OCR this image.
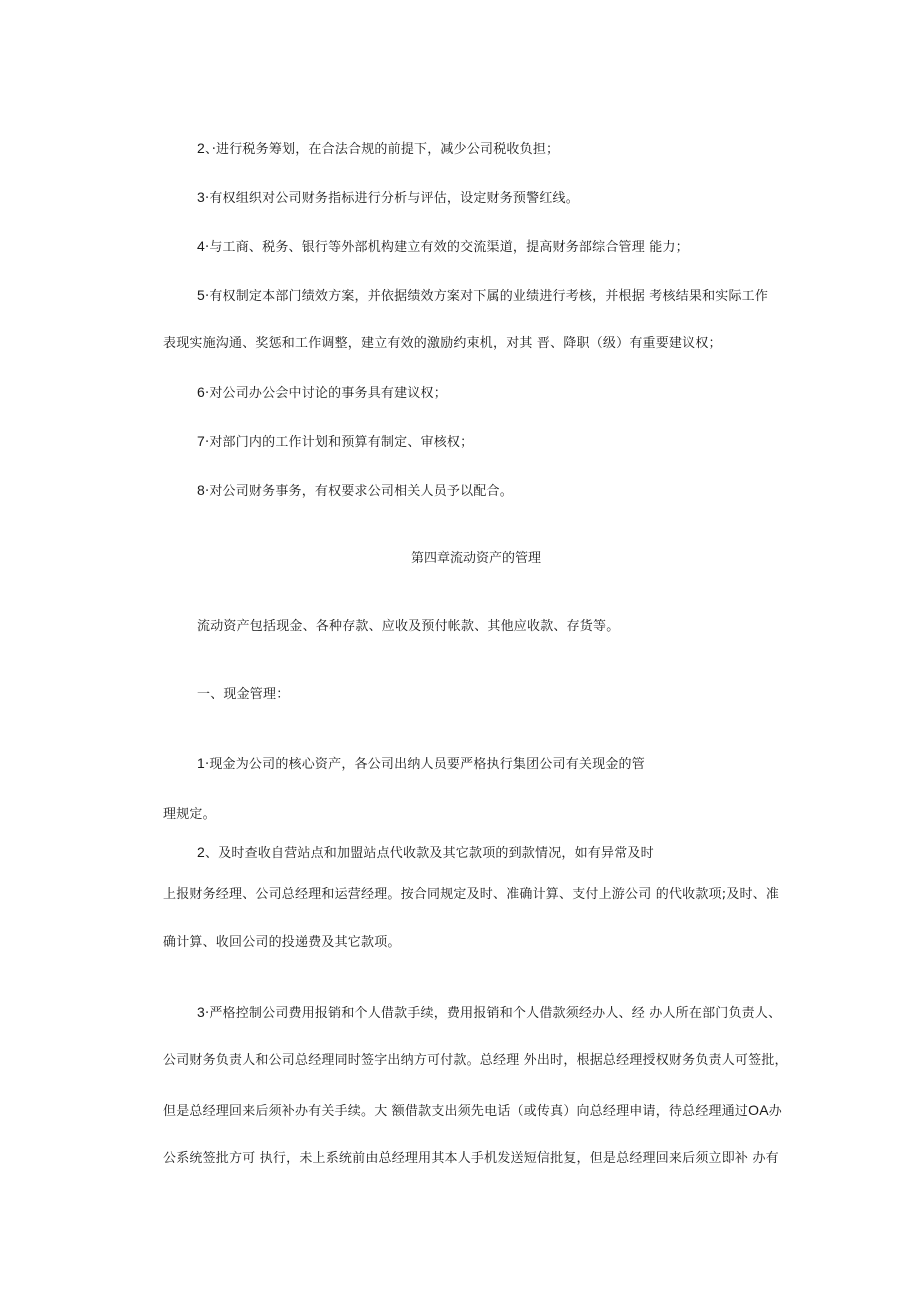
2、·进行税务筹划，在合法合规的前提下，减少公司税收负担；
3·有权组织对公司财务指标进行分析与评估，设定财务预警红线。
4·与工商、税务、银行等外部机构建立有效的交流渠道，提高财务部综合管理 能力；
5·有权制定本部门绩效方案，并依据绩效方案对下属的业绩进行考核，并根据 考核结果和实际工作
表现实施沟通、奖惩和工作调整，建立有效的激励约束机，对其 晋、降职（级）有重要建议权；
6·对公司办公会中讨论的事务具有建议权；
7·对部门内的工作计划和预算有制定、审核权；
8·对公司财务事务，有权要求公司相关人员予以配合。
第四章流动资产的管理
流动资产包括现金、各种存款、应收及预付帐款、其他应收款、存货等。
一、现金管理：
1·现金为公司的核心资产，各公司出纳人员要严格执行集团公司有关现金的管
理规定。
2、及时查收自营站点和加盟站点代收款及其它款项的到款情况，如有异常及时
上报财务经理、公司总经理和运营经理。按合同规定及时、准确计算、支付上游公司 的代收款项;及时、准
确计算、收回公司的投递费及其它款项。
3·严格控制公司费用报销和个人借款手续，费用报销和个人借款须经办人、经 办人所在部门负责人、
公司财务负责人和公司总经理同时签字出纳方可付款。总经理 外出时，根据总经理授权财务负责人可签批，
但是总经理回来后须补办有关手续。大 额借款支出须先电话（或传真）向总经理申请，待总经理通过OA办
公系统签批方可 执行，未上系统前由总经理用其本人手机发送短信批复，但是总经理回来后须立即补 办有
